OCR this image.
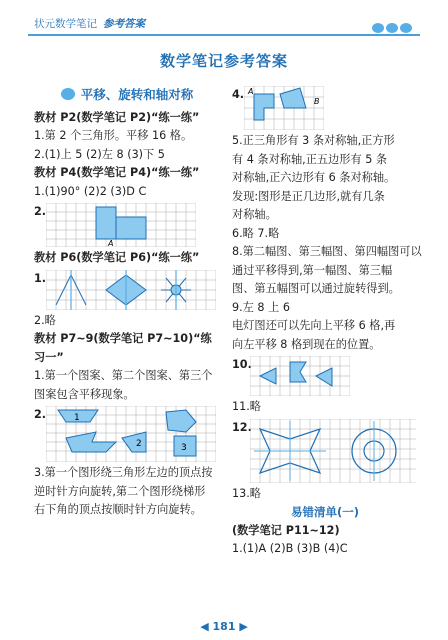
状元数学笔记 参考答案
数学笔记参考答案
平移、旋转和轴对称
教材 P2(数学笔记 P2)“练一练”
1.第 2 个三角形。平移 16 格。
2.(1)上 5 (2)左 8 (3)下 5
教材 P4(数学笔记 P4)“练一练”
1.(1)90° (2)2 (3)D C
2.
A
教材 P6(数学笔记 P6)“练一练”
1.
2.略
教材 P7~9(数学笔记 P7~10)“练
习一”
1.第一个图案、第二个图案、第三个
图案包含平移现象。
2.	1
2	3
3.第一个图形绕三角形左边的顶点按
逆时针方向旋转,第二个图形绕梯形
右下角的顶点按顺时针方向旋转。
4. A
B
5.正三角形有 3 条对称轴,正方形
有 4 条对称轴,正五边形有 5 条
对称轴,正六边形有 6 条对称轴。
发现:图形是正几边形,就有几条
对称轴。
6.略 7.略
8.第二幅图、第三幅图、第四幅图可以
通过平移得到,第一幅图、第三幅
图、第五幅图可以通过旋转得到。
9.左 8 上 6
电灯图还可以先向上平移 6 格,再
向左平移 8 格到现在的位置。
10.
11.略
12.
13.略
易错清单(一)
(数学笔记 P11~12)
1.(1)A (2)B (3)B (4)C
◀ 181 ▶
